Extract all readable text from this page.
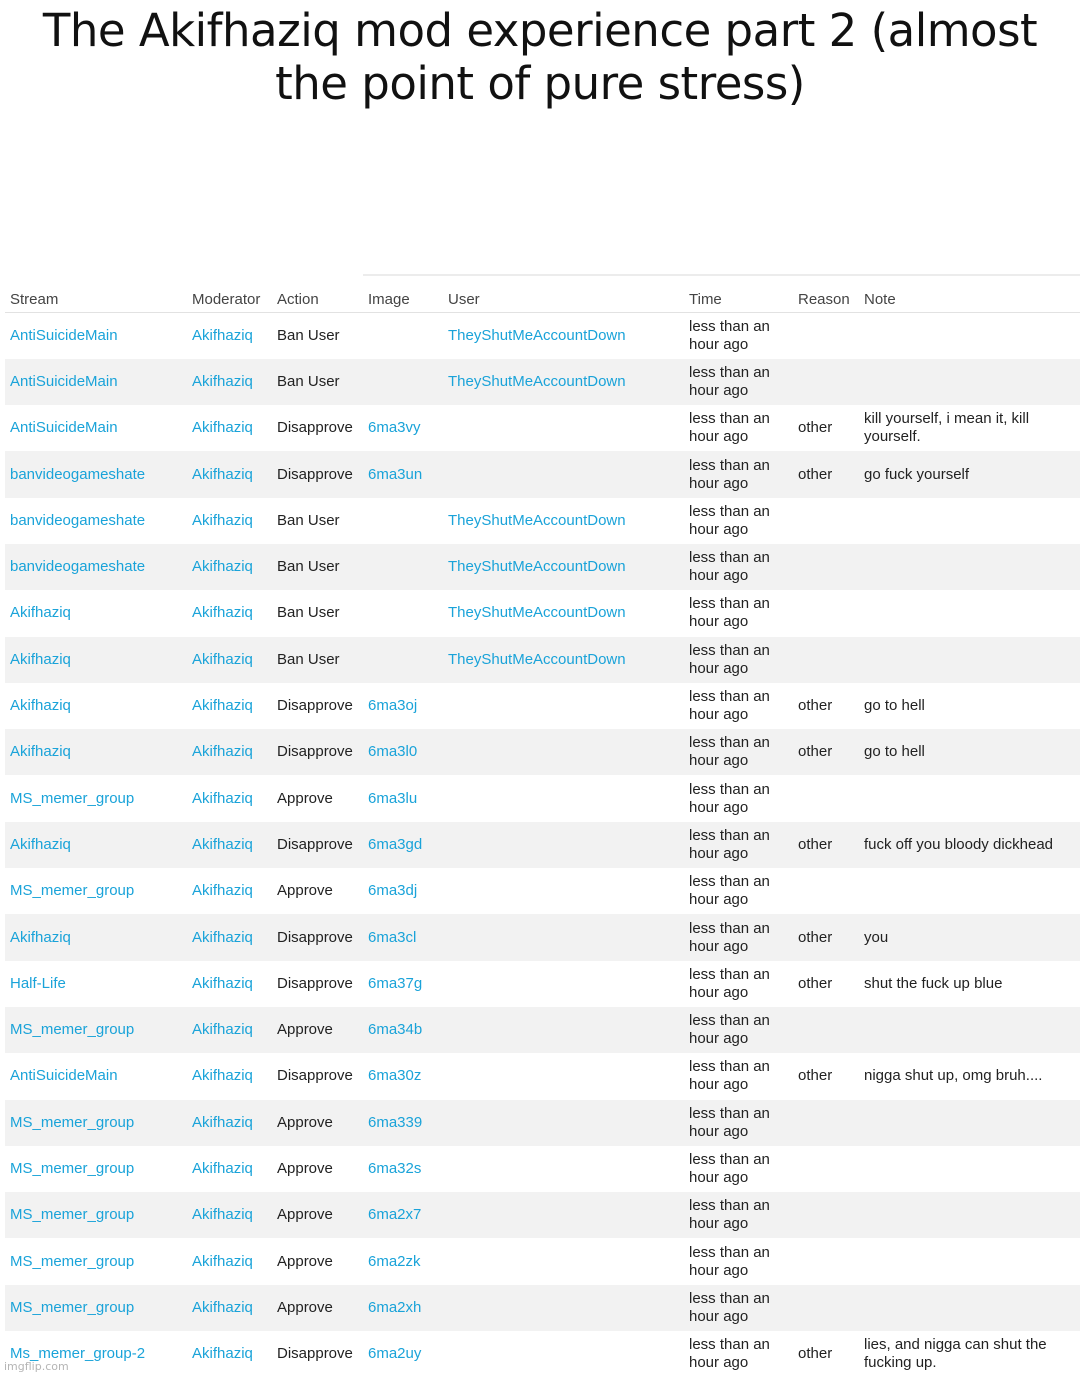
The Akifhaziq mod experience part 2 (almost the point of pure stress)
Stream	Moderator	Action	Image	User	Time	Reason	Note
AntiSuicideMain	Akifhaziq	Ban User		TheyShutMeAccountDown	less than an hour ago		
AntiSuicideMain	Akifhaziq	Ban User		TheyShutMeAccountDown	less than an hour ago		
AntiSuicideMain	Akifhaziq	Disapprove	6ma3vy		less than an hour ago	other	kill yourself, i mean it, kill yourself.
banvideogameshate	Akifhaziq	Disapprove	6ma3un		less than an hour ago	other	go fuck yourself
banvideogameshate	Akifhaziq	Ban User		TheyShutMeAccountDown	less than an hour ago		
banvideogameshate	Akifhaziq	Ban User		TheyShutMeAccountDown	less than an hour ago		
Akifhaziq	Akifhaziq	Ban User		TheyShutMeAccountDown	less than an hour ago		
Akifhaziq	Akifhaziq	Ban User		TheyShutMeAccountDown	less than an hour ago		
Akifhaziq	Akifhaziq	Disapprove	6ma3oj		less than an hour ago	other	go to hell
Akifhaziq	Akifhaziq	Disapprove	6ma3l0		less than an hour ago	other	go to hell
MS_memer_group	Akifhaziq	Approve	6ma3lu		less than an hour ago		
Akifhaziq	Akifhaziq	Disapprove	6ma3gd		less than an hour ago	other	fuck off you bloody dickhead
MS_memer_group	Akifhaziq	Approve	6ma3dj		less than an hour ago		
Akifhaziq	Akifhaziq	Disapprove	6ma3cl		less than an hour ago	other	you
Half-Life	Akifhaziq	Disapprove	6ma37g		less than an hour ago	other	shut the fuck up blue
MS_memer_group	Akifhaziq	Approve	6ma34b		less than an hour ago		
AntiSuicideMain	Akifhaziq	Disapprove	6ma30z		less than an hour ago	other	nigga shut up, omg bruh....
MS_memer_group	Akifhaziq	Approve	6ma339		less than an hour ago		
MS_memer_group	Akifhaziq	Approve	6ma32s		less than an hour ago		
MS_memer_group	Akifhaziq	Approve	6ma2x7		less than an hour ago		
MS_memer_group	Akifhaziq	Approve	6ma2zk		less than an hour ago		
MS_memer_group	Akifhaziq	Approve	6ma2xh		less than an hour ago		
Ms_memer_group-2	Akifhaziq	Disapprove	6ma2uy		less than an hour ago	other	lies, and nigga can shut the fucking up.
imgflip.com
